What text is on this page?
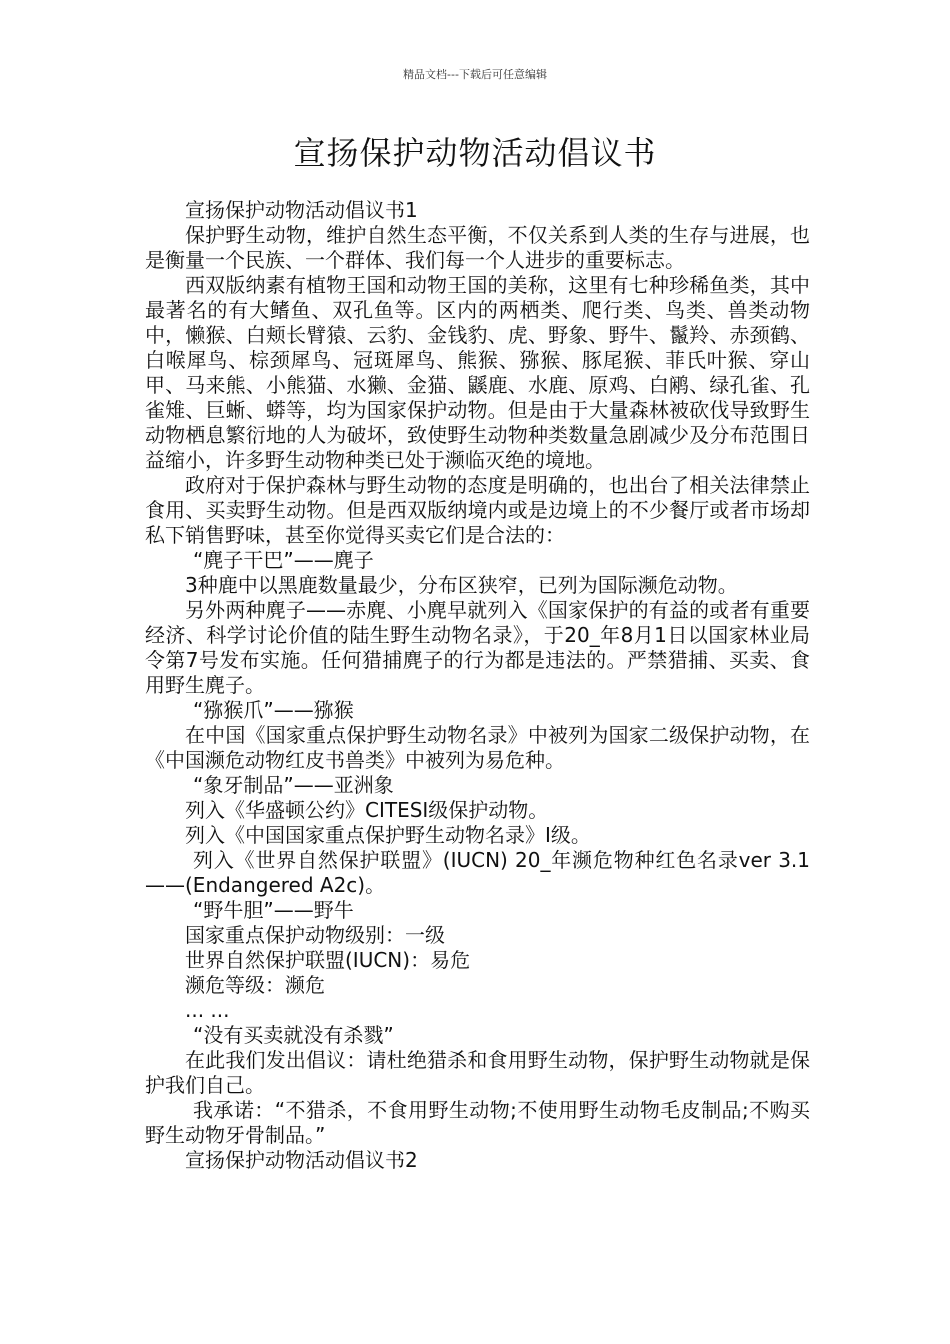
精品文档---下载后可任意编辑
宣扬保护动物活动倡议书

宣扬保护动物活动倡议书1

保护野生动物，维护自然生态平衡，不仅关系到人类的生存与进展，也是衡量一个民族、一个群体、我们每一个人进步的重要标志。

西双版纳素有植物王国和动物王国的美称，这里有七种珍稀鱼类，其中最著名的有大鳍鱼、双孔鱼等。区内的两栖类、爬行类、鸟类、兽类动物中，懒猴、白颊长臂猿、云豹、金钱豹、虎、野象、野牛、鬣羚、赤颈鹤、白喉犀鸟、棕颈犀鸟、冠斑犀鸟、熊猴、猕猴、豚尾猴、菲氏叶猴、穿山甲、马来熊、小熊猫、水獭、金猫、鼷鹿、水鹿、原鸡、白鹇、绿孔雀、孔雀雉、巨蜥、蟒等，均为国家保护动物。但是由于大量森林被砍伐导致野生动物栖息繁衍地的人为破坏，致使野生动物种类数量急剧减少及分布范围日益缩小，许多野生动物种类已处于濒临灭绝的境地。

政府对于保护森林与野生动物的态度是明确的，也出台了相关法律禁止食用、买卖野生动物。但是西双版纳境内或是边境上的不少餐厅或者市场却私下销售野味，甚至你觉得买卖它们是合法的：

“麂子干巴”——麂子

3种鹿中以黑鹿数量最少，分布区狭窄，已列为国际濒危动物。

另外两种麂子——赤麂、小麂早就列入《国家保护的有益的或者有重要经济、科学讨论价值的陆生野生动物名录》，于20_年8月1日以国家林业局令第7号发布实施。任何猎捕麂子的行为都是违法的。严禁猎捕、买卖、食用野生麂子。

“猕猴爪”——猕猴

在中国《国家重点保护野生动物名录》中被列为国家二级保护动物，在《中国濒危动物红皮书兽类》中被列为易危种。

“象牙制品”——亚洲象

列入《华盛顿公约》CITESⅠ级保护动物。

列入《中国国家重点保护野生动物名录》Ⅰ级。

列入《世界自然保护联盟》(IUCN) 20_年濒危物种红色名录ver 3.1——(Endangered A2c)。

“野牛胆”——野牛

国家重点保护动物级别：一级

世界自然保护联盟(IUCN)：易危

濒危等级：濒危

... ...

“没有买卖就没有杀戮”

在此我们发出倡议：请杜绝猎杀和食用野生动物，保护野生动物就是保护我们自己。

我承诺：“不猎杀，不食用野生动物;不使用野生动物毛皮制品;不购买野生动物牙骨制品。”

宣扬保护动物活动倡议书2
